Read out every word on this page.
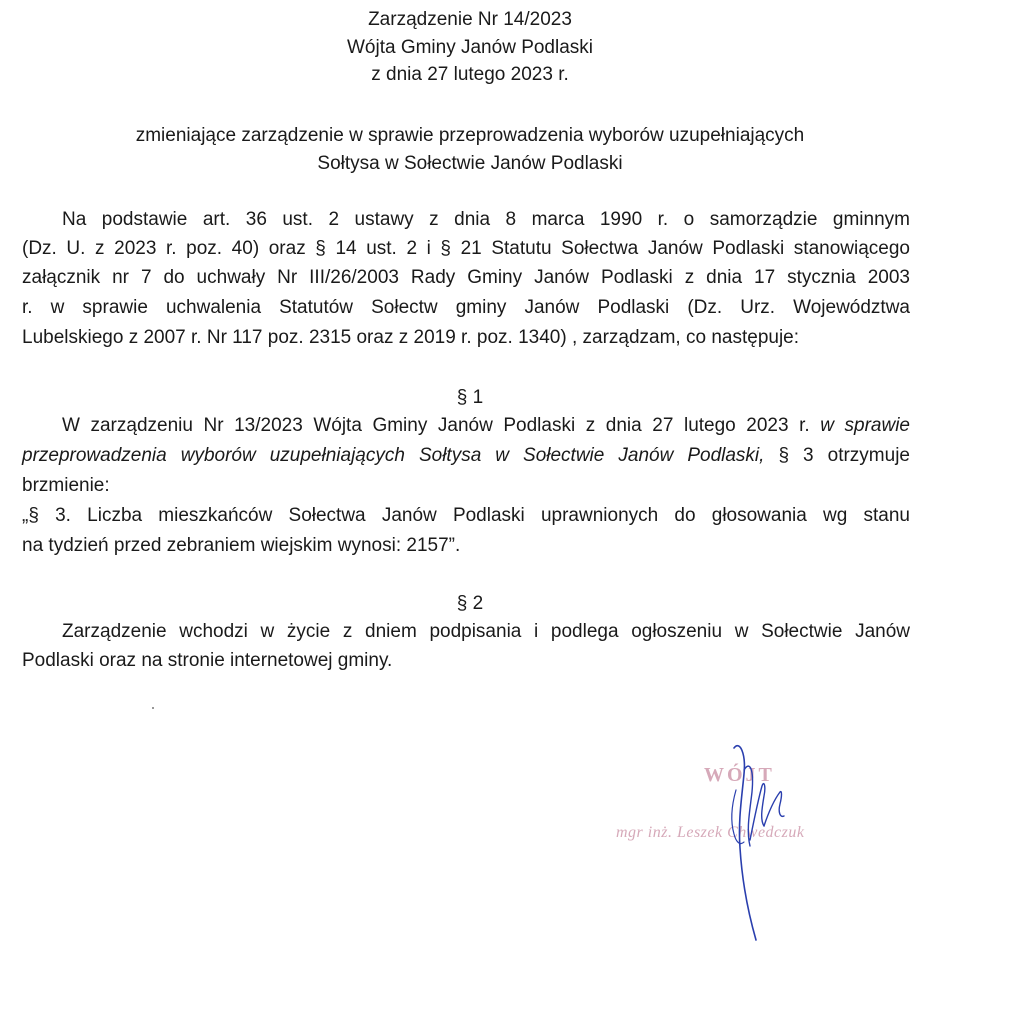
Zarządzenie Nr 14/2023
Wójta Gminy Janów Podlaski
z dnia 27 lutego 2023 r.
zmieniające zarządzenie w sprawie przeprowadzenia wyborów uzupełniających
Sołtysa w Sołectwie Janów Podlaski
Na podstawie art. 36 ust. 2 ustawy z dnia 8 marca 1990 r. o samorządzie gminnym
(Dz. U. z 2023 r. poz. 40) oraz § 14 ust. 2 i § 21 Statutu Sołectwa Janów Podlaski stanowiącego
załącznik nr 7 do uchwały Nr III/26/2003 Rady Gminy Janów Podlaski z dnia 17 stycznia 2003
r. w sprawie uchwalenia Statutów Sołectw gminy Janów Podlaski (Dz. Urz. Województwa
Lubelskiego z 2007 r. Nr 117 poz. 2315 oraz z 2019 r. poz. 1340) , zarządzam, co następuje:
§ 1
W zarządzeniu Nr 13/2023 Wójta Gminy Janów Podlaski z dnia 27 lutego 2023 r. w sprawie
przeprowadzenia wyborów uzupełniających Sołtysa w Sołectwie Janów Podlaski, § 3 otrzymuje
brzmienie:
„§ 3. Liczba mieszkańców Sołectwa Janów Podlaski uprawnionych do głosowania wg stanu
na tydzień przed zebraniem wiejskim wynosi: 2157”.
§ 2
Zarządzenie wchodzi w życie z dniem podpisania i podlega ogłoszeniu w Sołectwie Janów
Podlaski oraz na stronie internetowej gminy.
WÓJT
mgr inż. Leszek Chwedczuk
